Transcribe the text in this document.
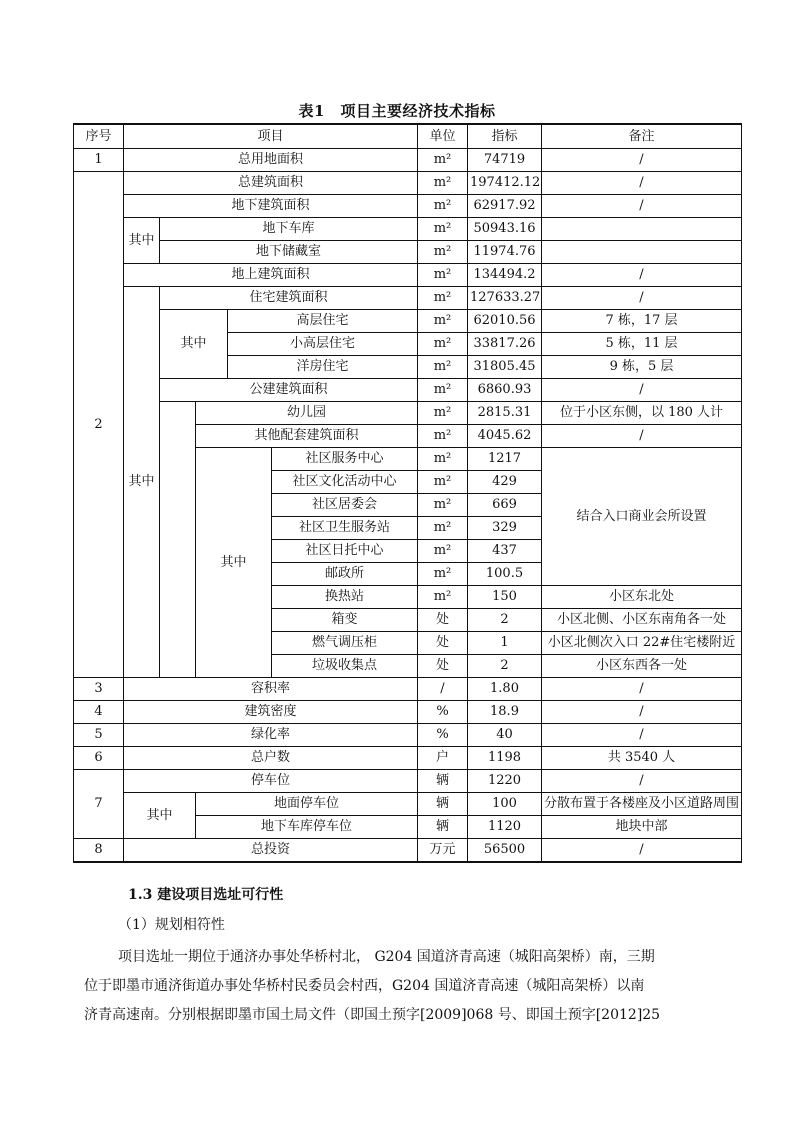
表1　项目主要经济技术指标
序号	项目					单位	指标	备注
1	总用地面积					m²	74719	/
2	总建筑面积					m²	197412.12	/
	地下建筑面积					m²	62917.92	/
	其中	地下车库				m²	50943.16	
		地下储藏室				m²	11974.76	
	地上建筑面积					m²	134494.2	/
	其中	住宅建筑面积				m²	127633.27	/
		其中		高层住宅		m²	62010.56	7 栋，17 层
				小高层住宅		m²	33817.26	5 栋，11 层
				洋房住宅		m²	31805.45	9 栋，5 层
		公建建筑面积				m²	6860.93	/
			幼儿园			m²	2815.31	位于小区东侧，以 180 人计
			其他配套建筑面积			m²	4045.62	/
			其中		社区服务中心	m²	1217	结合入口商业会所设置
					社区文化活动中心	m²	429	
					社区居委会	m²	669	
					社区卫生服务站	m²	329	
					社区日托中心	m²	437	
					邮政所	m²	100.5	
					换热站	m²	150	小区东北处
					箱变	处	2	小区北侧、小区东南角各一处
					燃气调压柜	处	1	小区北侧次入口 22#住宅楼附近
					垃圾收集点	处	2	小区东西各一处
3	容积率					/	1.80	/
4	建筑密度					%	18.9	/
5	绿化率					%	40	/
6	总户数					户	1198	共 3540 人
7	停车位					辆	1220	/
	其中		地面停车位			辆	100	分散布置于各楼座及小区道路周围
			地下车库停车位			辆	1120	地块中部
8	总投资					万元	56500	/
1.3 建设项目选址可行性
（1）规划相符性
项目选址一期位于通济办事处华桥村北， G204 国道济青高速（城阳高架桥）南，三期
位于即墨市通济街道办事处华桥村民委员会村西，G204 国道济青高速（城阳高架桥）以南
济青高速南。分别根据即墨市国土局文件（即国土预字[2009]068 号、即国土预字[2012]25
